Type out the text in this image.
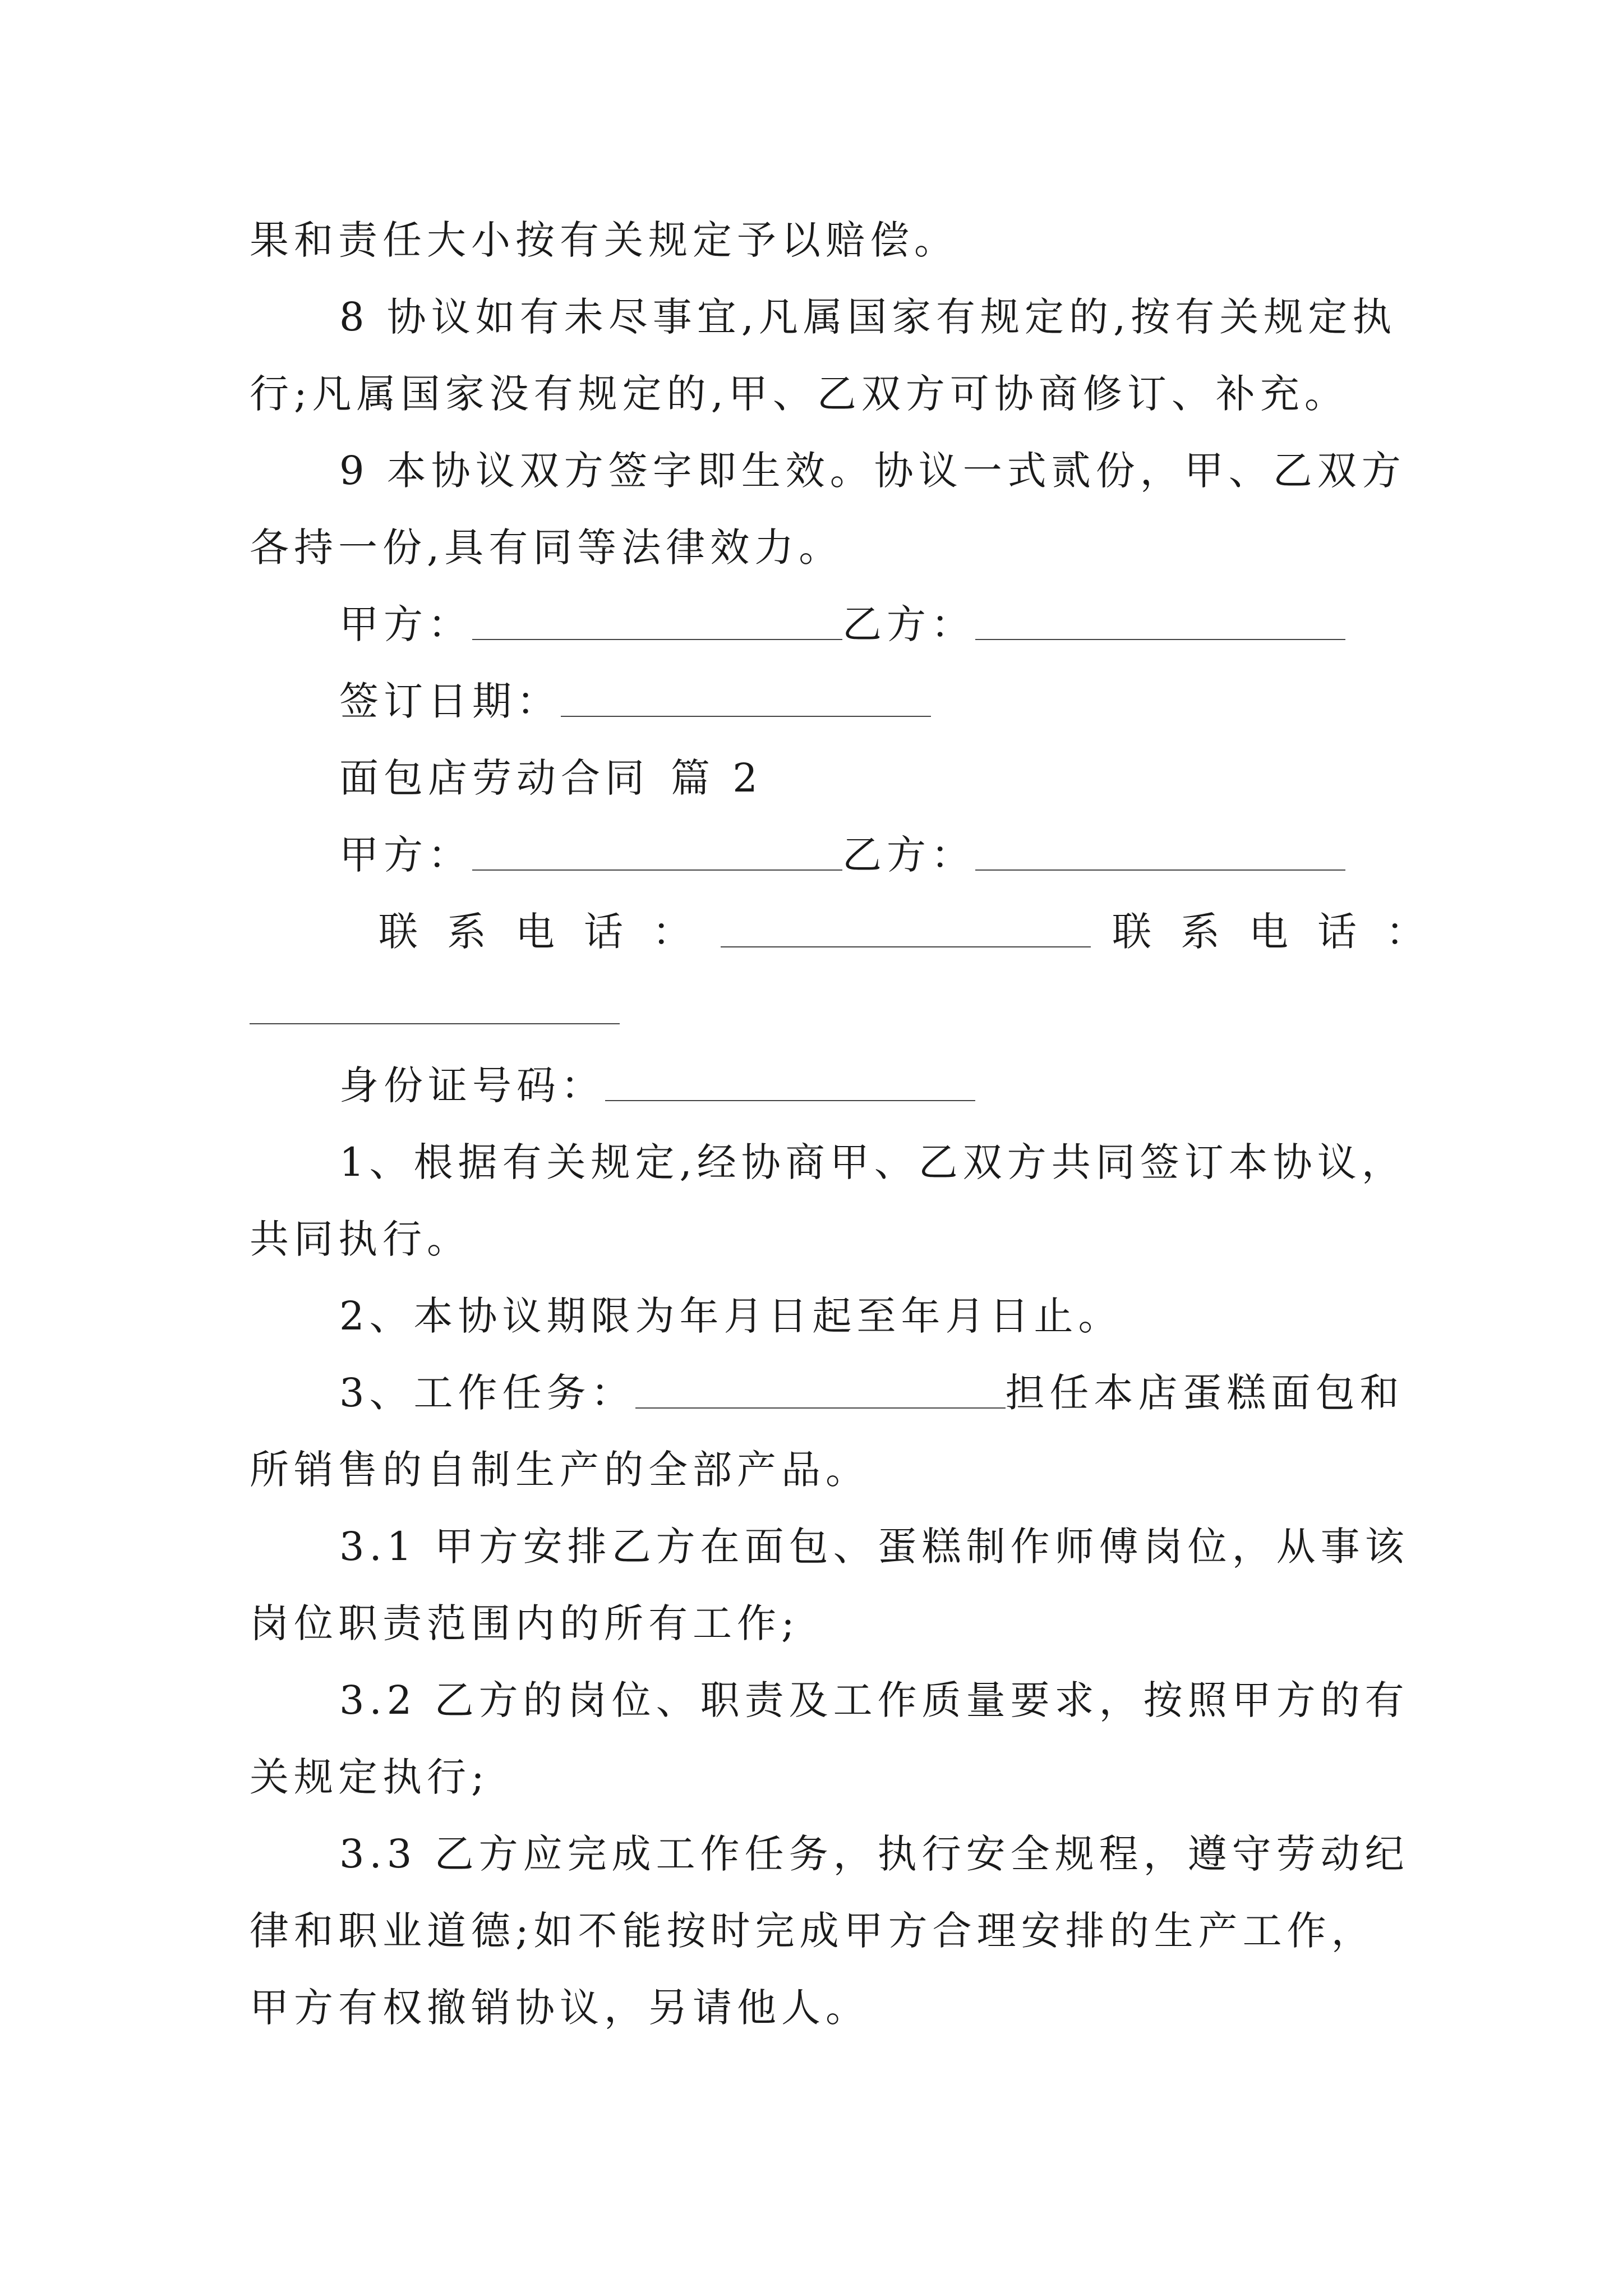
果和责任大小按有关规定予以赔偿。
8 协议如有未尽事宜,凡属国家有规定的,按有关规定执
行;凡属国家没有规定的,甲、乙双方可协商修订、补充。
9 本协议双方签字即生效。协议一式贰份，甲、乙双方
各持一份,具有同等法律效力。
甲方：	乙方：
签订日期：
面包店劳动合同 篇 2
甲方：	乙方：
联系电话：	联系电话：
身份证号码：
1、根据有关规定,经协商甲、乙双方共同签订本协议，
共同执行。
2、本协议期限为年月日起至年月日止。
3、工作任务：	担任本店蛋糕面包和
所销售的自制生产的全部产品。
3.1 甲方安排乙方在面包、蛋糕制作师傅岗位，从事该
岗位职责范围内的所有工作;
3.2 乙方的岗位、职责及工作质量要求，按照甲方的有
关规定执行;
3.3 乙方应完成工作任务，执行安全规程，遵守劳动纪
律和职业道德;如不能按时完成甲方合理安排的生产工作，
甲方有权撤销协议，另请他人。
